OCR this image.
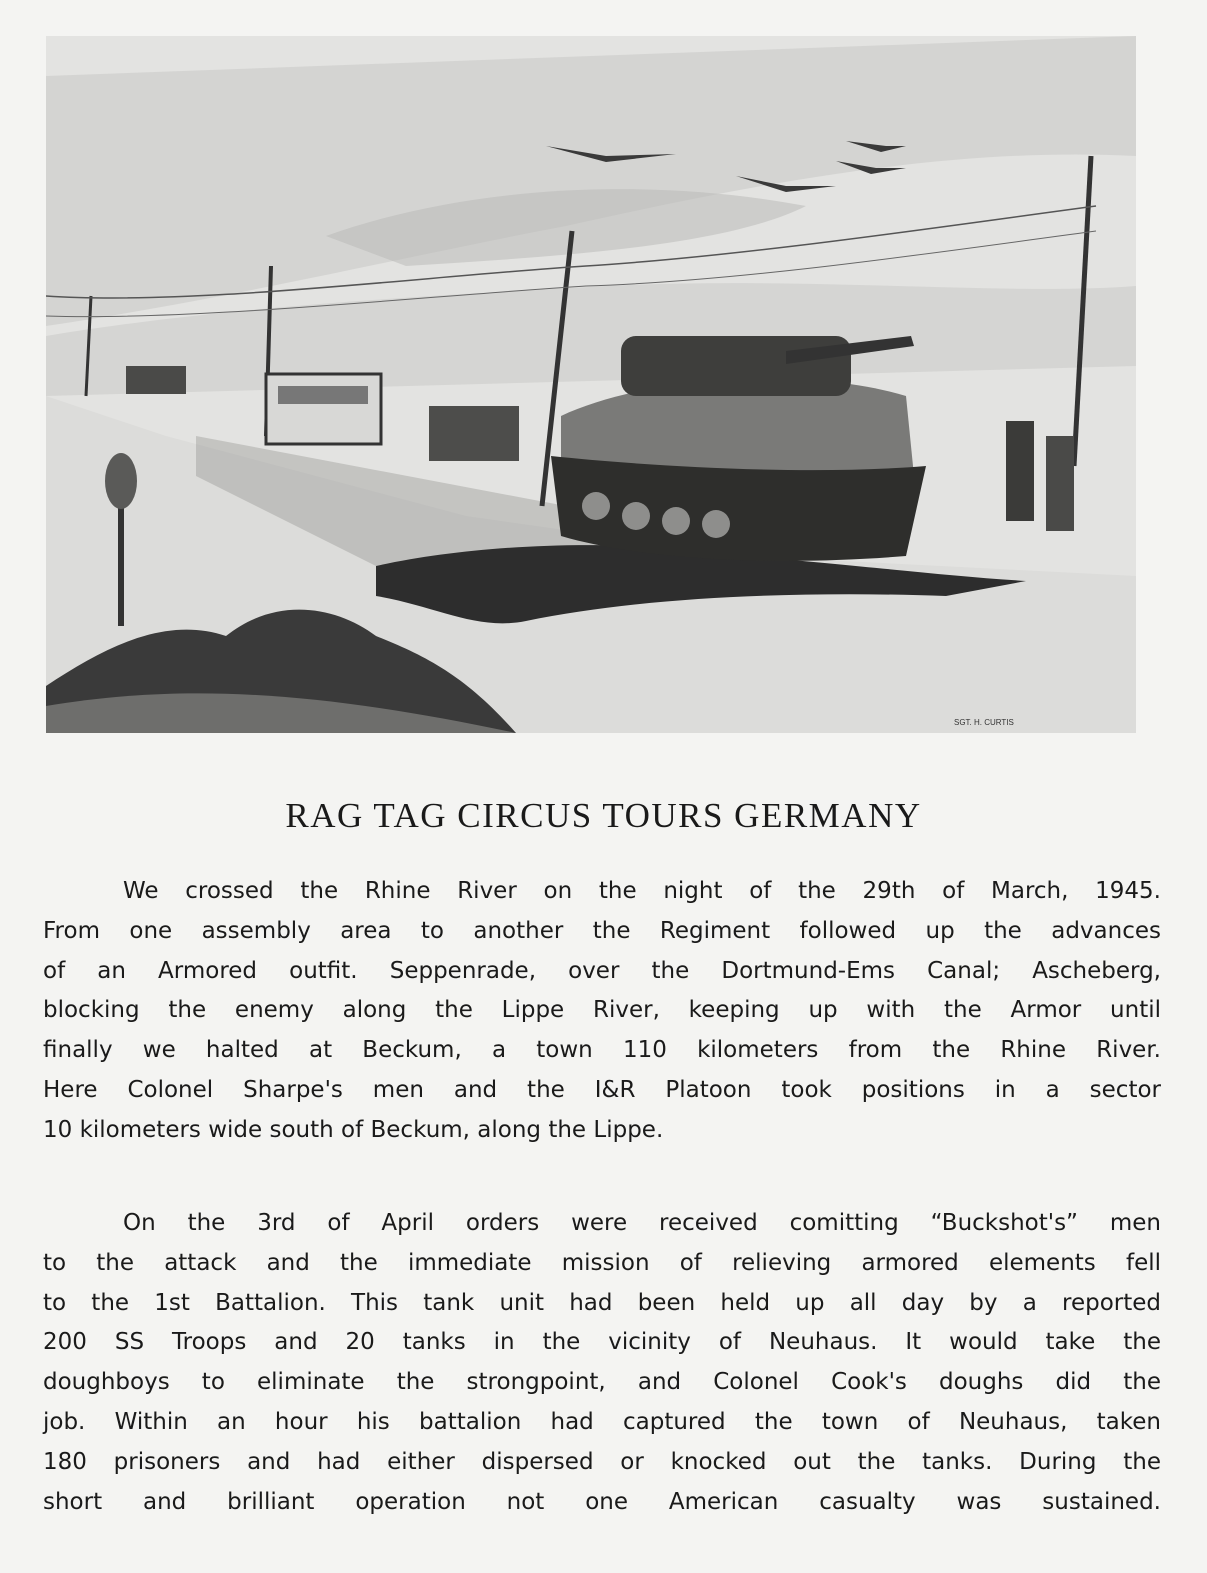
SGT. H. CURTIS
RAG TAG CIRCUS TOURS GERMANY
We crossed the Rhine River on the night of the 29th of March, 1945.
From one assembly area to another the Regiment followed up the advances
of an Armored outfit. Seppenrade, over the Dortmund-Ems Canal; Ascheberg,
blocking the enemy along the Lippe River, keeping up with the Armor until
finally we halted at Beckum, a town 110 kilometers from the Rhine River.
Here Colonel Sharpe's men and the I&R Platoon took positions in a sector
10 kilometers wide south of Beckum, along the Lippe.
On the 3rd of April orders were received comitting “Buckshot's” men
to the attack and the immediate mission of relieving armored elements fell
to the 1st Battalion. This tank unit had been held up all day by a reported
200 SS Troops and 20 tanks in the vicinity of Neuhaus. It would take the
doughboys to eliminate the strongpoint, and Colonel Cook's doughs did the
job. Within an hour his battalion had captured the town of Neuhaus, taken
180 prisoners and had either dispersed or knocked out the tanks. During the
short and brilliant operation not one American casualty was sustained.
